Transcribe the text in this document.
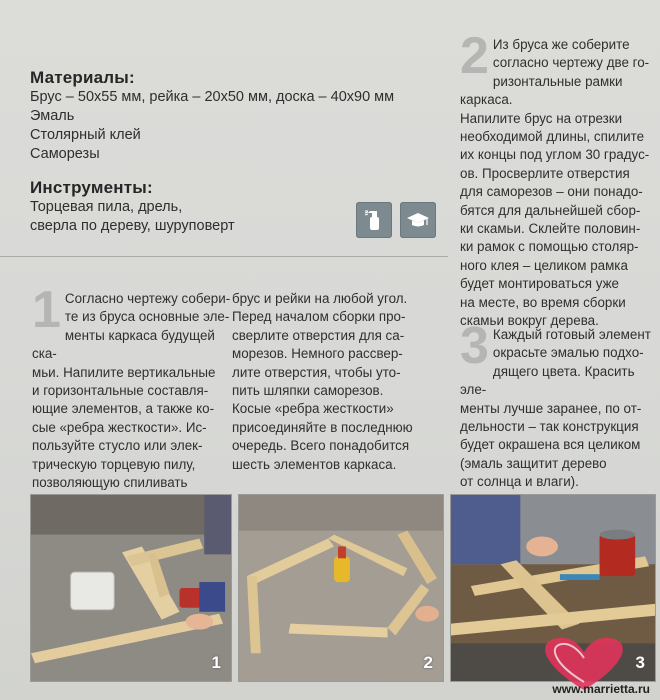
Материалы:
Брус – 50х55 мм, рейка – 20х50 мм, доска – 40х90 мм
Эмаль
Столярный клей
Саморезы
Инструменты:
Торцевая пила, дрель,
сверла по дереву, шуруповерт
1 Согласно чертежу собери-
те из бруса основные эле-
менты каркаса будущей ска-
мьи. Напилите вертикальные
и горизонтальные составля-
ющие элементов, а также ко-
сые «ребра жесткости». Ис-
пользуйте стусло или элек-
трическую торцевую пилу,
позволяющую спиливать
брус и рейки на любой угол.
Перед началом сборки про-
сверлите отверстия для са-
морезов. Немного рассвер-
лите отверстия, чтобы уто-
пить шляпки саморезов.
Косые «ребра жесткости»
присоединяйте в последнюю
очередь. Всего понадобится
шесть элементов каркаса.
2 Из бруса же соберите
согласно чертежу две го-
ризонтальные рамки каркаса.
Напилите брус на отрезки
необходимой длины, спилите
их концы под углом 30 градус-
ов. Просверлите отверстия
для саморезов – они понадо-
бятся для дальнейшей сбор-
ки скамьи. Склейте половин-
ки рамок с помощью столяр-
ного клея – целиком рамка
будет монтироваться уже
на месте, во время сборки
скамьи вокруг дерева.
3 Каждый готовый элемент
окрасьте эмалью подхо-
дящего цвета. Красить эле-
менты лучше заранее, по от-
дельности – так конструкция
будет окрашена вся целиком
(эмаль защитит дерево
от солнца и влаги).
1	2	3
www.marrietta.ru
